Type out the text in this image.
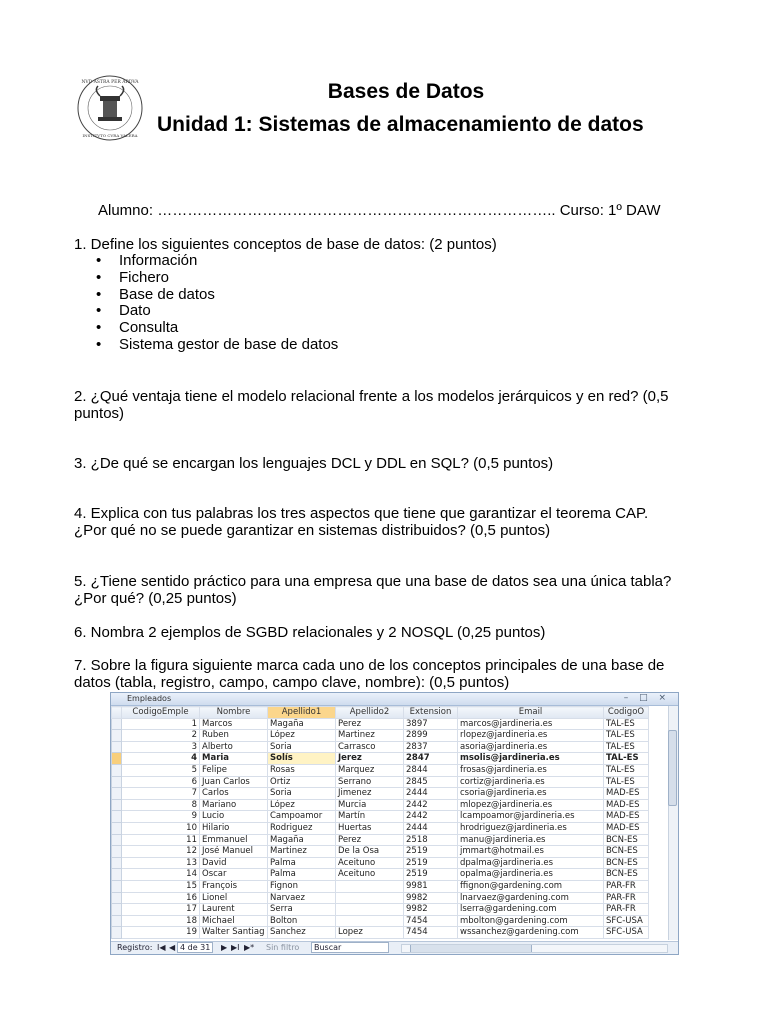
NVD ASTRA PER ARDVA
INSTITVTO CVRA VALERA
Bases de Datos
Unidad 1: Sistemas de almacenamiento de datos
Alumno: …………………………………………………………………….. Curso: 1º DAW
1. Define los siguientes conceptos de base de datos: (2 puntos)
• Información
• Fichero
• Base de datos
• Dato
• Consulta
• Sistema gestor de base de datos
2. ¿Qué ventaja tiene el modelo relacional frente a los modelos jerárquicos y en red? (0,5 puntos)
3. ¿De qué se encargan los lenguajes DCL y DDL en SQL? (0,5 puntos)
4. Explica con tus palabras los tres aspectos que tiene que garantizar el teorema CAP.
¿Por qué no se puede garantizar en sistemas distribuidos? (0,5 puntos)
5. ¿Tiene sentido práctico para una empresa que una base de datos sea una única tabla?
¿Por qué? (0,25 puntos)
6. Nombra 2 ejemplos de SGBD relacionales y 2 NOSQL (0,25 puntos)
7. Sobre la figura siguiente marca cada uno de los conceptos principales de una base de
datos (tabla, registro, campo, campo clave, nombre): (0,5 puntos)
Empleados	– □ ×
	CodigoEmple	Nombre	Apellido1	Apellido2	Extension	Email	CodigoO
	1	Marcos	Magaña	Perez	3897	marcos@jardineria.es	TAL-ES
	2	Ruben	López	Martinez	2899	rlopez@jardineria.es	TAL-ES
	3	Alberto	Soria	Carrasco	2837	asoria@jardineria.es	TAL-ES
	4	Maria	Solís	Jerez	2847	msolis@jardineria.es	TAL-ES
	5	Felipe	Rosas	Marquez	2844	frosas@jardineria.es	TAL-ES
	6	Juan Carlos	Ortiz	Serrano	2845	cortiz@jardineria.es	TAL-ES
	7	Carlos	Soria	Jimenez	2444	csoria@jardineria.es	MAD-ES
	8	Mariano	López	Murcia	2442	mlopez@jardineria.es	MAD-ES
	9	Lucio	Campoamor	Martín	2442	lcampoamor@jardineria.es	MAD-ES
	10	Hilario	Rodriguez	Huertas	2444	hrodriguez@jardineria.es	MAD-ES
	11	Emmanuel	Magaña	Perez	2518	manu@jardineria.es	BCN-ES
	12	José Manuel	Martinez	De la Osa	2519	jmmart@hotmail.es	BCN-ES
	13	David	Palma	Aceituno	2519	dpalma@jardineria.es	BCN-ES
	14	Oscar	Palma	Aceituno	2519	opalma@jardineria.es	BCN-ES
	15	François	Fignon		9981	ffignon@gardening.com	PAR-FR
	16	Lionel	Narvaez		9982	lnarvaez@gardening.com	PAR-FR
	17	Laurent	Serra		9982	lserra@gardening.com	PAR-FR
	18	Michael	Bolton		7454	mbolton@gardening.com	SFC-USA
	19	Walter Santiag	Sanchez	Lopez	7454	wssanchez@gardening.com	SFC-USA
Registro: I◀ ◀ 4 de 31	▶ ▶I ▶* Sin filtro	Buscar
